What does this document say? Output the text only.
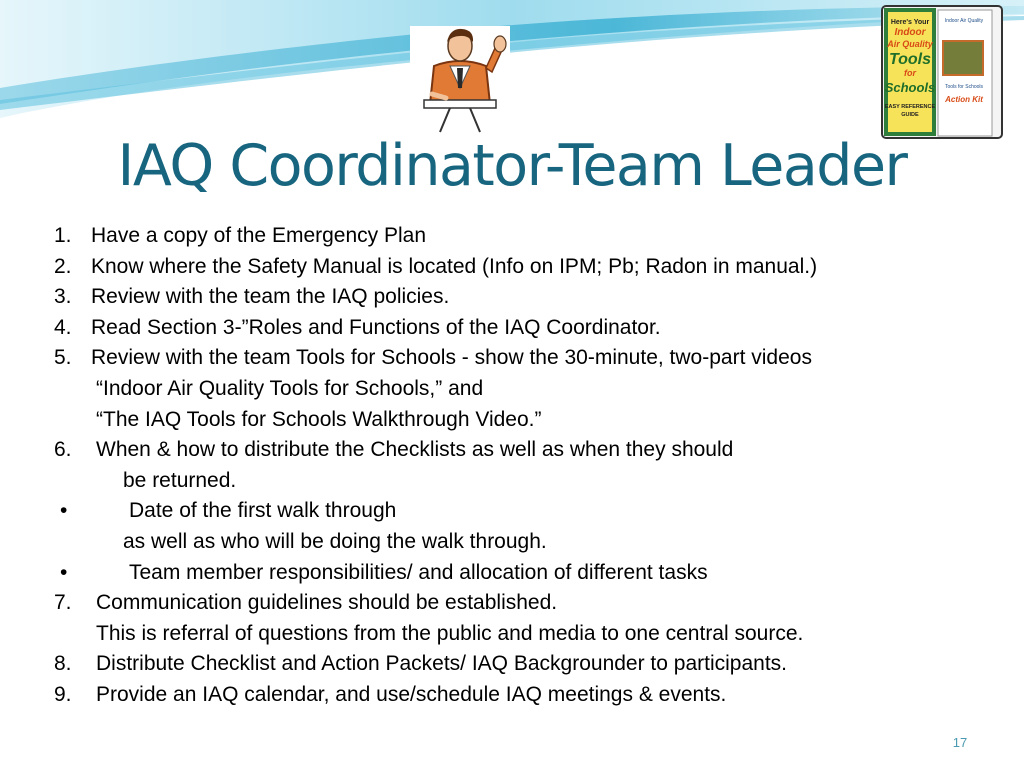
Here's Your
Indoor
Air Quality
Tools
for
Schools
EASY REFERENCE
GUIDE
Indoor Air Quality
Tools for Schools
Action Kit
IAQ Coordinator-Team Leader
1. Have a copy of the Emergency Plan
2. Know where the Safety Manual is located (Info on IPM; Pb; Radon in manual.)
3. Review with the team the IAQ policies.
4. Read Section 3-”Roles and Functions of the IAQ Coordinator.
5. Review with the team Tools for Schools - show the 30-minute, two-part videos
“Indoor Air Quality Tools for Schools,” and
“The IAQ Tools for Schools Walkthrough Video.”
6. When & how to distribute the Checklists as well as when they should
be returned.
•	Date of the first walk through
as well as who will be doing the walk through.
•	Team member responsibilities/ and allocation of different tasks
7. Communication guidelines should be established.
This is referral of questions from the public and media to one central source.
8. Distribute Checklist and Action Packets/ IAQ Backgrounder to participants.
9. Provide an IAQ calendar, and use/schedule IAQ meetings & events.
17
